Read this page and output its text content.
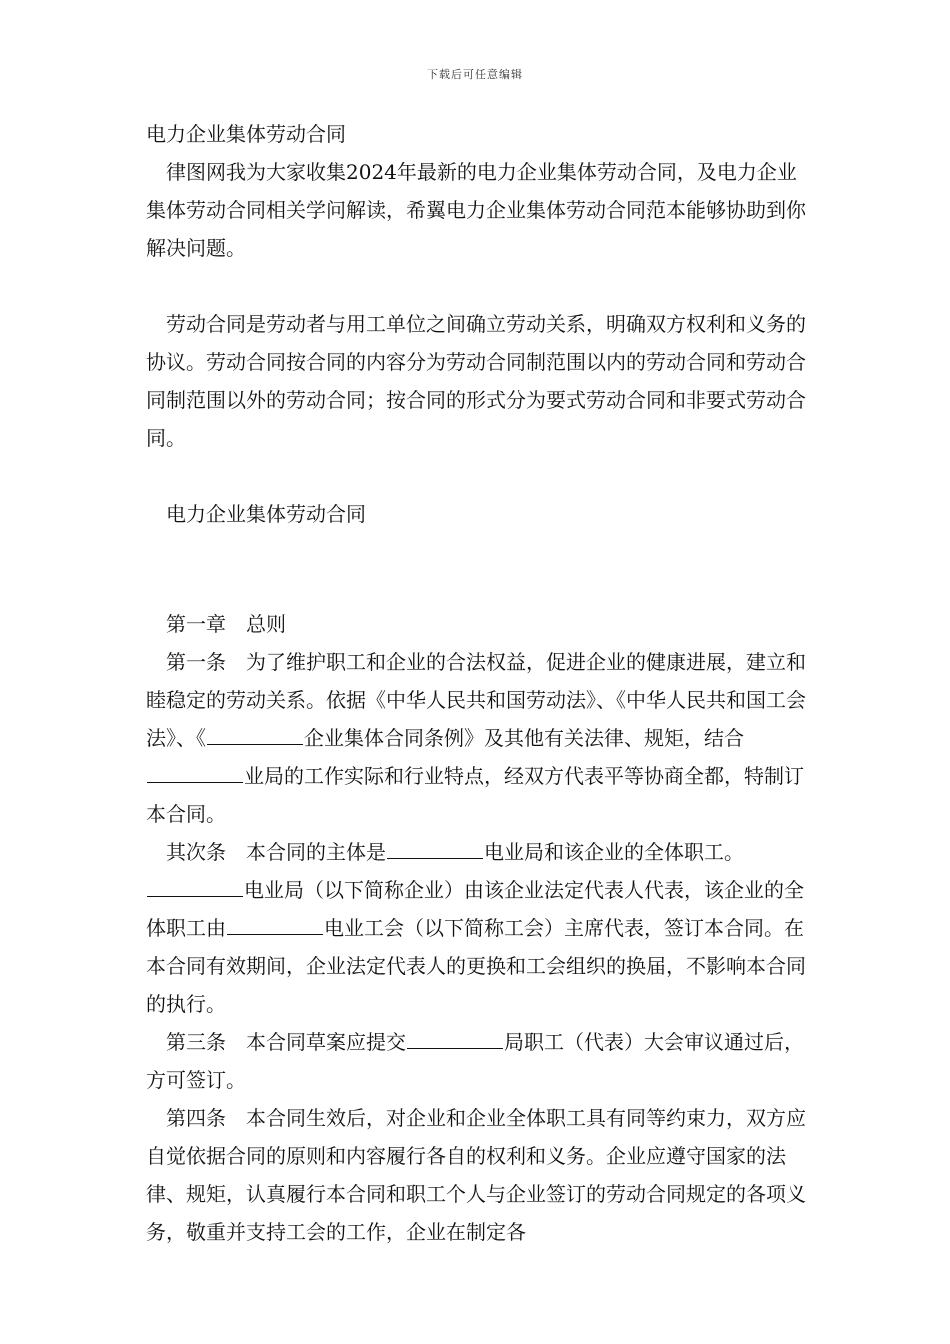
下载后可任意编辑

电力企业集体劳动合同

律图网我为大家收集2024年最新的电力企业集体劳动合同，及电力企业集体劳动合同相关学问解读，希翼电力企业集体劳动合同范本能够协助到你解决问题。

劳动合同是劳动者与用工单位之间确立劳动关系，明确双方权利和义务的协议。劳动合同按合同的内容分为劳动合同制范围以内的劳动合同和劳动合同制范围以外的劳动合同；按合同的形式分为要式劳动合同和非要式劳动合同。

电力企业集体劳动合同

第一章　总则

第一条　为了维护职工和企业的合法权益，促进企业的健康进展，建立和睦稳定的劳动关系。依据《中华人民共和国劳动法》、《中华人民共和国工会法》、《	企业集体合同条例》及其他有关法律、规矩，结合业局的工作实际和行业特点，经双方代表平等协商全都，特制订本合同。

其次条　本合同的主体是	电业局和该企业的全体职工。

电业局（以下简称企业）由该企业法定代表人代表，该企业的全体职工由	电业工会（以下简称工会）主席代表，签订本合同。在本合同有效期间，企业法定代表人的更换和工会组织的换届，不影响本合同的执行。

第三条　本合同草案应提交	局职工（代表）大会审议通过后，方可签订。

第四条　本合同生效后，对企业和企业全体职工具有同等约束力，双方应自觉依据合同的原则和内容履行各自的权利和义务。企业应遵守国家的法律、规矩，认真履行本合同和职工个人与企业签订的劳动合同规定的各项义务，敬重并支持工会的工作，企业在制定各
